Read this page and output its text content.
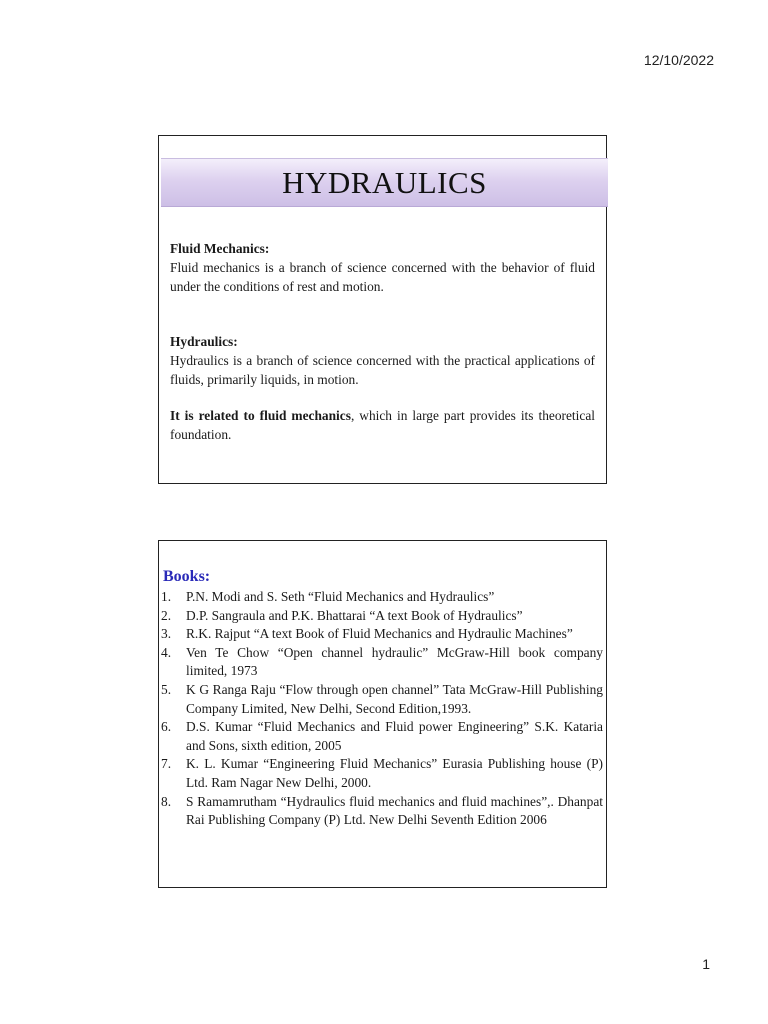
12/10/2022
HYDRAULICS

Fluid Mechanics:

Fluid mechanics is a branch of science concerned with the behavior of fluid under the conditions of rest and motion.

Hydraulics:

Hydraulics is a branch of science concerned with the practical applications of fluids, primarily liquids, in motion.

It is related to fluid mechanics, which in large part provides its theoretical foundation.

Books:
1.	P.N. Modi and S. Seth “Fluid Mechanics and Hydraulics”
2.	D.P. Sangraula and P.K. Bhattarai “A text Book of Hydraulics”
3.	R.K. Rajput “A text Book of Fluid Mechanics and Hydraulic Machines”
4.	Ven Te Chow “Open channel hydraulic” McGraw-Hill book company limited, 1973
5.	K G Ranga Raju “Flow through open channel” Tata McGraw-Hill Publishing Company Limited, New Delhi, Second Edition,1993.
6.	D.S. Kumar “Fluid Mechanics and Fluid power Engineering” S.K. Kataria and Sons, sixth edition, 2005
7.	K. L. Kumar “Engineering Fluid Mechanics” Eurasia Publishing house (P) Ltd. Ram Nagar New Delhi, 2000.
8.	S Ramamrutham “Hydraulics fluid mechanics and fluid machines”,. Dhanpat Rai Publishing Company (P) Ltd. New Delhi Seventh Edition 2006
1
